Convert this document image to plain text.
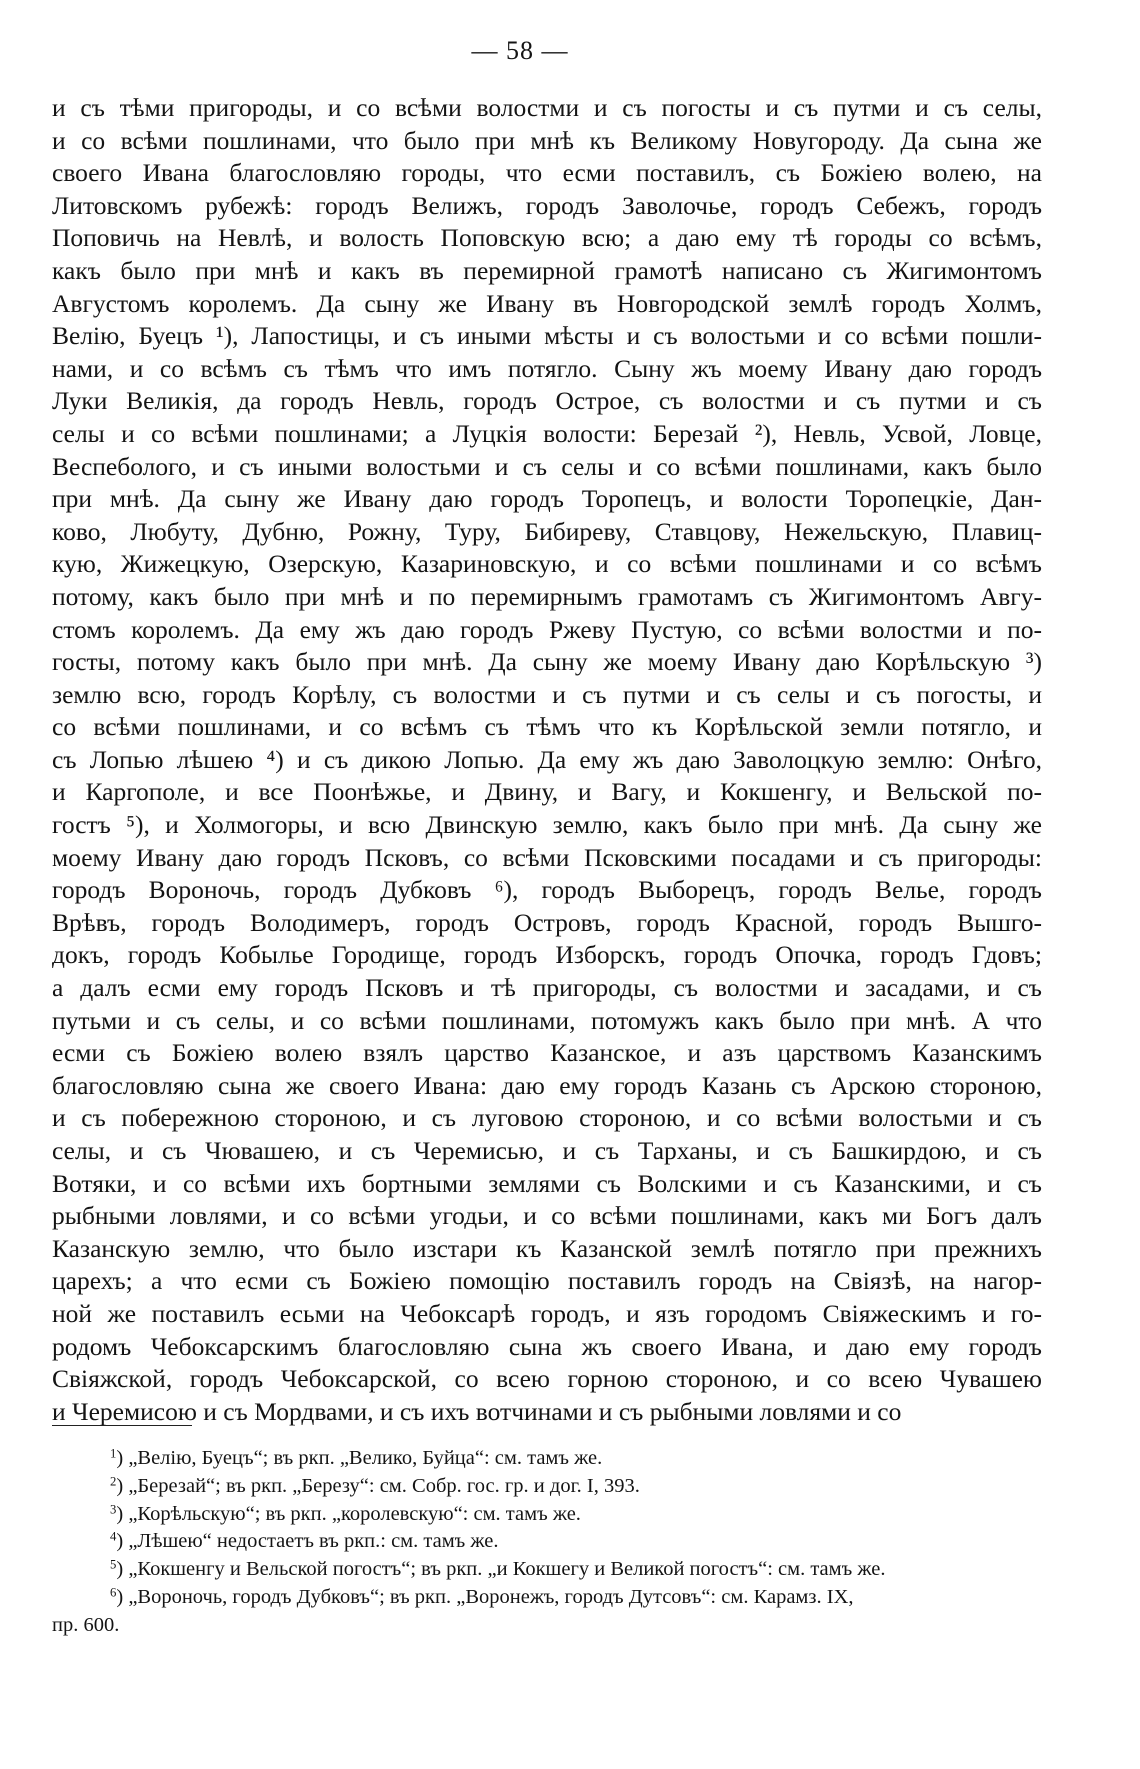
— 58 —
и съ тѣми пригороды, и со всѣми волостми и съ погосты и съ путми и съ селы,
и со всѣми пошлинами, что было при мнѣ къ Великому Новугороду. Да сына же
своего Ивана благословляю городы, что есми поставилъ, съ Божіею волею, на
Литовскомъ рубежѣ: городъ Велижъ, городъ Заволочье, городъ Себежъ, городъ
Поповичь на Невлѣ, и волость Поповскую всю; а даю ему тѣ городы со всѣмъ,
какъ было при мнѣ и какъ въ перемирной грамотѣ написано съ Жигимонтомъ
Августомъ королемъ. Да сыну же Ивану въ Новгородской землѣ городъ Холмъ,
Велію, Буецъ ¹), Лапостицы, и съ иными мѣсты и съ волостьми и со всѣми пошли-
нами, и со всѣмъ съ тѣмъ что имъ потягло. Сыну жъ моему Ивану даю городъ
Луки Великія, да городъ Невль, городъ Острое, съ волостми и съ путми и съ
селы и со всѣми пошлинами; а Луцкія волости: Березай ²), Невль, Усвой, Ловце,
Веспеболого, и съ иными волостьми и съ селы и со всѣми пошлинами, какъ было
при мнѣ. Да сыну же Ивану даю городъ Торопецъ, и волости Торопецкіе, Дан-
ково, Любуту, Дубню, Рожну, Туру, Бибиреву, Ставцову, Нежельскую, Плавиц-
кую, Жижецкую, Озерскую, Казариновскую, и со всѣми пошлинами и со всѣмъ
потому, какъ было при мнѣ и по перемирнымъ грамотамъ съ Жигимонтомъ Авгу-
стомъ королемъ. Да ему жъ даю городъ Ржеву Пустую, со всѣми волостми и по-
госты, потому какъ было при мнѣ. Да сыну же моему Ивану даю Корѣльскую ³)
землю всю, городъ Корѣлу, съ волостми и съ путми и съ селы и съ погосты, и
со всѣми пошлинами, и со всѣмъ съ тѣмъ что къ Корѣльской земли потягло, и
съ Лопью лѣшею ⁴) и съ дикою Лопью. Да ему жъ даю Заволоцкую землю: Онѣго,
и Каргополе, и все Поонѣжье, и Двину, и Вагу, и Кокшенгу, и Вельской по-
гостъ ⁵), и Холмогоры, и всю Двинскую землю, какъ было при мнѣ. Да сыну же
моему Ивану даю городъ Псковъ, со всѣми Псковскими посадами и съ пригороды:
городъ Вороночь, городъ Дубковъ ⁶), городъ Выборецъ, городъ Велье, городъ
Врѣвъ, городъ Володимеръ, городъ Островъ, городъ Красной, городъ Вышго-
докъ, городъ Кобылье Городище, городъ Изборскъ, городъ Опочка, городъ Гдовъ;
а далъ есми ему городъ Псковъ и тѣ пригороды, съ волостми и засадами, и съ
путьми и съ селы, и со всѣми пошлинами, потомужъ какъ было при мнѣ. А что
есми съ Божіею волею взялъ царство Казанское, и азъ царствомъ Казанскимъ
благословляю сына же своего Ивана: даю ему городъ Казань съ Арскою стороною,
и съ побережною стороною, и съ луговою стороною, и со всѣми волостьми и съ
селы, и съ Чювашею, и съ Черемисью, и съ Тарханы, и съ Башкирдою, и съ
Вотяки, и со всѣми ихъ бортными землями съ Волскими и съ Казанскими, и съ
рыбными ловлями, и со всѣми угодьи, и со всѣми пошлинами, какъ ми Богъ далъ
Казанскую землю, что было изстари къ Казанской землѣ потягло при прежнихъ
царехъ; а что есми съ Божіею помощію поставилъ городъ на Свіязѣ, на нагор-
ной же поставилъ есьми на Чебоксарѣ городъ, и язъ городомъ Свіяжескимъ и го-
родомъ Чебоксарскимъ благословляю сына жъ своего Ивана, и даю ему городъ
Свіяжской, городъ Чебоксарской, со всею горною стороною, и со всею Чувашею
и Черемисою и съ Мордвами, и съ ихъ вотчинами и съ рыбными ловлями и со
$^1$) „Велію, Буецъ“; въ ркп. „Велико, Буйца“: см. тамъ же.
$^2$) „Березай“; въ ркп. „Березу“: см. Собр. гос. гр. и дог. I, 393.
$^3$) „Корѣльскую“; въ ркп. „королевскую“: см. тамъ же.
$^4$) „Лѣшею“ недостаетъ въ ркп.: см. тамъ же.
$^5$) „Кокшенгу и Вельской погостъ“; въ ркп. „и Кокшегу и Великой погостъ“: см. тамъ же.
$^6$) „Вороночь, городъ Дубковъ“; въ ркп. „Воронежъ, городъ Дутсовъ“: см. Карамз. IX,
пр. 600.
